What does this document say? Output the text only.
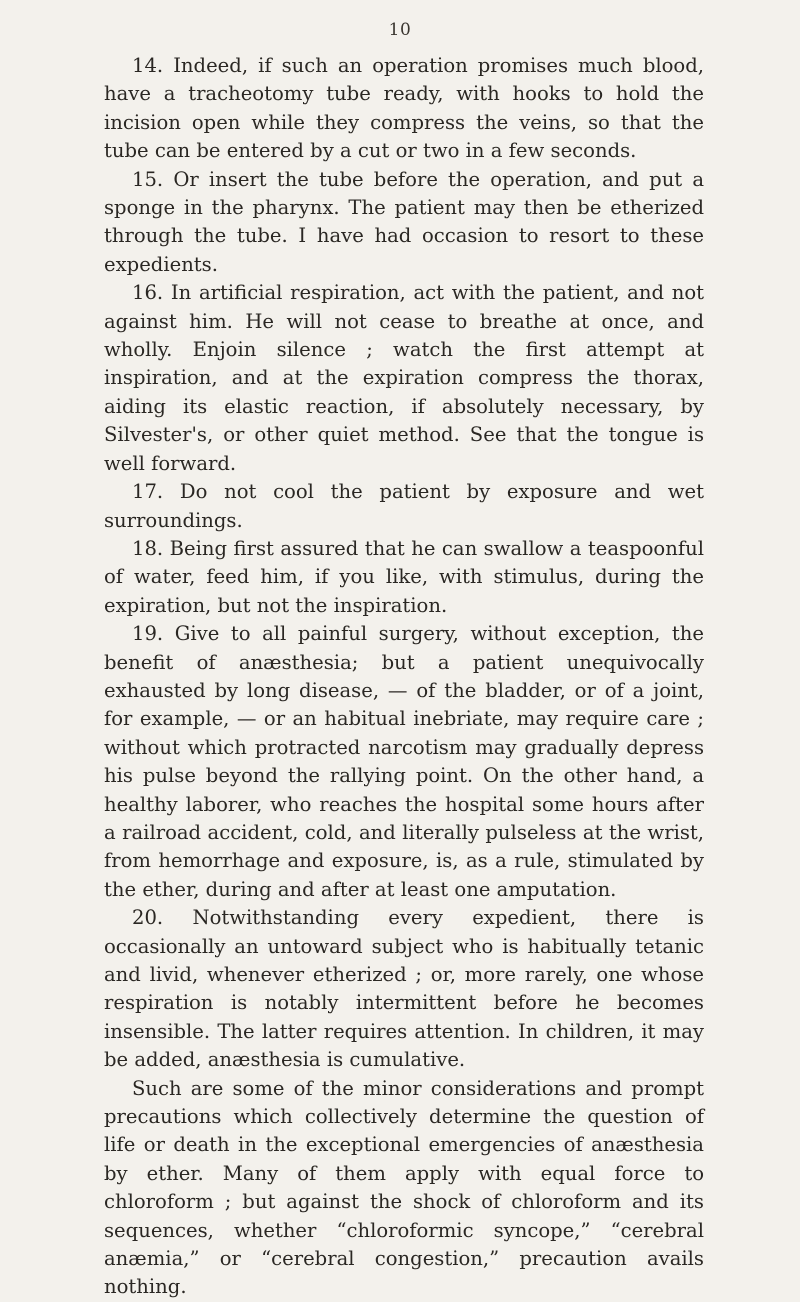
10

14. Indeed, if such an operation promises much blood, have a tracheotomy tube ready, with hooks to hold the incision open while they compress the veins, so that the tube can be entered by a cut or two in a few seconds.

15. Or insert the tube before the operation, and put a sponge in the pharynx. The patient may then be etherized through the tube. I have had occasion to resort to these expedients.

16. In artificial respiration, act with the patient, and not against him. He will not cease to breathe at once, and wholly. Enjoin silence ; watch the first attempt at inspiration, and at the expiration compress the thorax, aiding its elastic reaction, if absolutely necessary, by Silvester's, or other quiet method. See that the tongue is well forward.

17. Do not cool the patient by exposure and wet surroundings.

18. Being first assured that he can swallow a teaspoonful of water, feed him, if you like, with stimulus, during the expiration, but not the inspiration.

19. Give to all painful surgery, without exception, the benefit of anæsthesia; but a patient unequivocally exhausted by long disease, — of the bladder, or of a joint, for example, — or an habitual inebriate, may require care ; without which protracted narcotism may gradually depress his pulse beyond the rallying point. On the other hand, a healthy laborer, who reaches the hospital some hours after a railroad accident, cold, and literally pulseless at the wrist, from hemorrhage and exposure, is, as a rule, stimulated by the ether, during and after at least one amputation.

20. Notwithstanding every expedient, there is occasionally an untoward subject who is habitually tetanic and livid, whenever etherized ; or, more rarely, one whose respiration is notably intermittent before he becomes insensible. The latter requires attention. In children, it may be added, anæsthesia is cumulative.

Such are some of the minor considerations and prompt precautions which collectively determine the question of life or death in the exceptional emergencies of anæsthesia by ether. Many of them apply with equal force to chloroform ; but against the shock of chloroform and its sequences, whether “chloroformic syncope,” “cerebral anæmia,” or “cerebral congestion,” precaution avails nothing.
